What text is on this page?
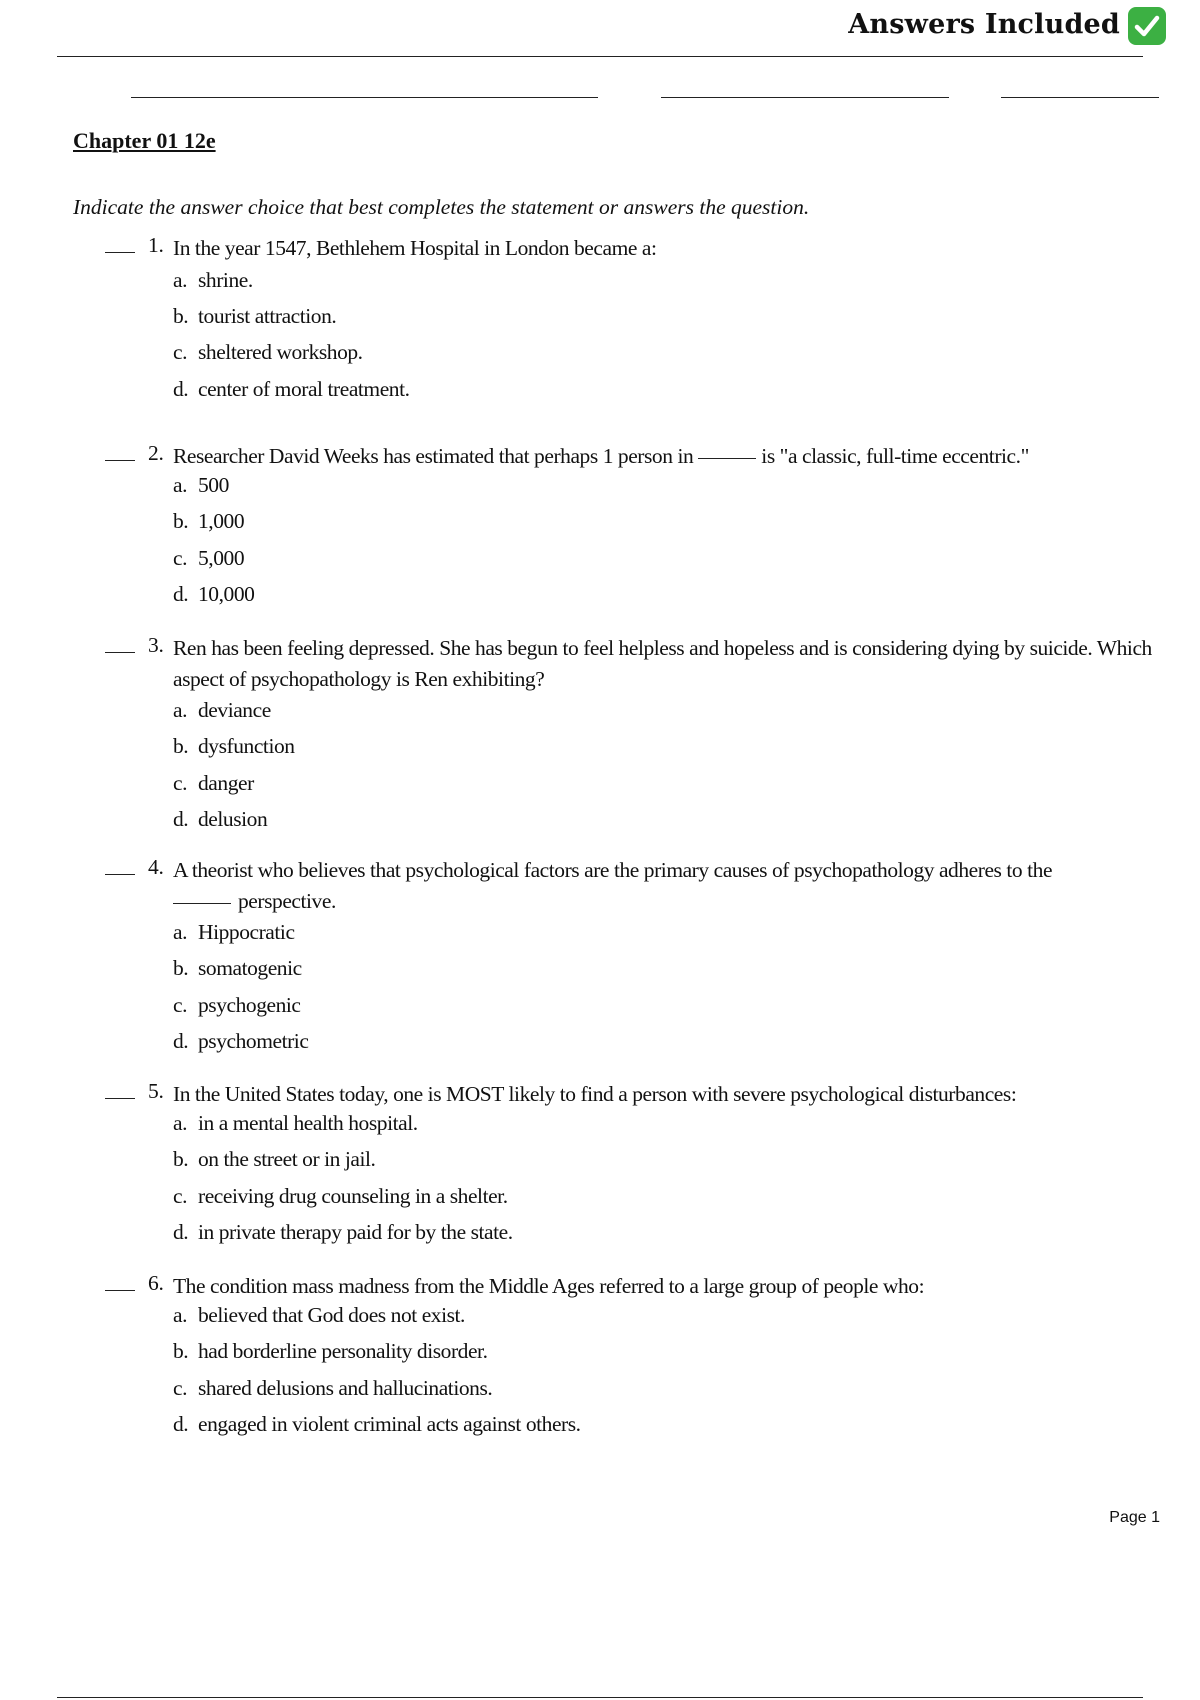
Answers Included
Chapter 01 12e
Indicate the answer choice that best completes the statement or answers the question.
1. In the year 1547, Bethlehem Hospital in London became a:
a. shrine.
b. tourist attraction.
c. sheltered workshop.
d. center of moral treatment.
2. Researcher David Weeks has estimated that perhaps 1 person in	is "a classic, full-time eccentric."
a. 500
b. 1,000
c. 5,000
d. 10,000
3. Ren has been feeling depressed. She has begun to feel helpless and hopeless and is considering dying by suicide. Which aspect of psychopathology is Ren exhibiting?
a. deviance
b. dysfunction
c. danger
d. delusion
4. A theorist who believes that psychological factors are the primary causes of psychopathology adheres to the
perspective.
a. Hippocratic
b. somatogenic
c. psychogenic
d. psychometric
5. In the United States today, one is MOST likely to find a person with severe psychological disturbances:
a. in a mental health hospital.
b. on the street or in jail.
c. receiving drug counseling in a shelter.
d. in private therapy paid for by the state.
6. The condition mass madness from the Middle Ages referred to a large group of people who:
a. believed that God does not exist.
b. had borderline personality disorder.
c. shared delusions and hallucinations.
d. engaged in violent criminal acts against others.
Page 1
